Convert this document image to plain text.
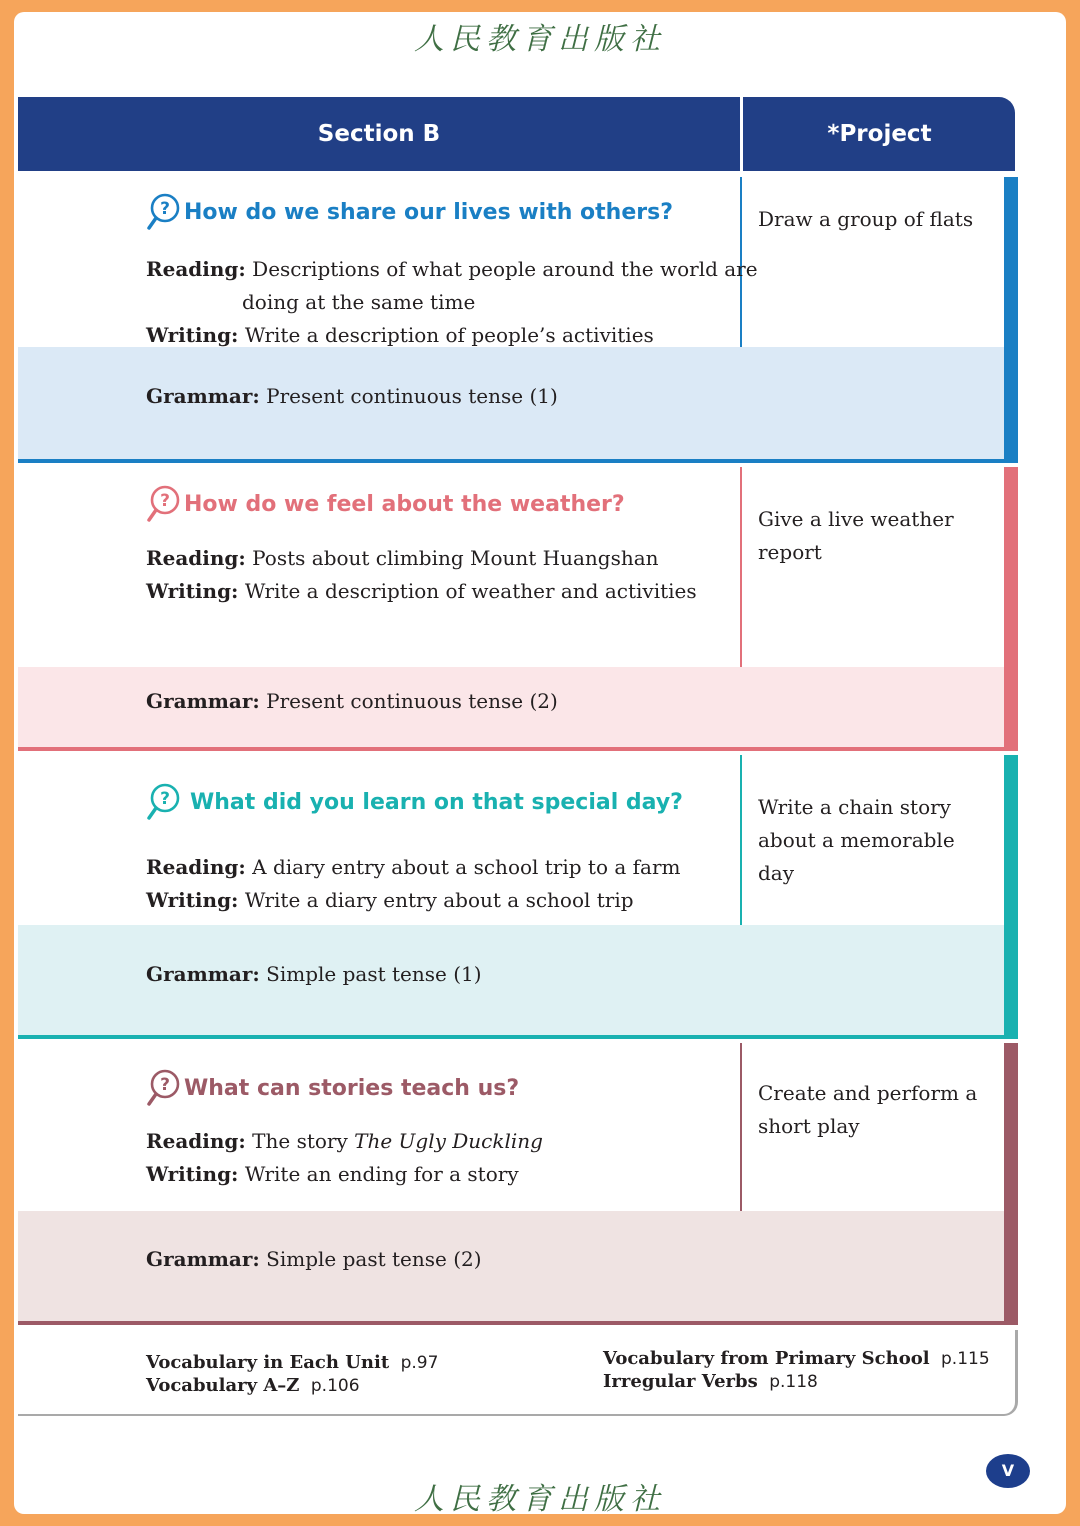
人民教育出版社
Section B	*Project
? How do we share our lives with others?
Reading: Descriptions of what people around the world are
doing at the same time
Writing: Write a description of people’s activities
Grammar: Present continuous tense (1)
Draw a group of flats
? How do we feel about the weather?
Reading: Posts about climbing Mount Huangshan
Writing: Write a description of weather and activities
Grammar: Present continuous tense (2)
Give a live weather report
? What did you learn on that special day?
Reading: A diary entry about a school trip to a farm
Writing: Write a diary entry about a school trip
Grammar: Simple past tense (1)
Write a chain story about a memorable day
? What can stories teach us?
Reading: The story The Ugly Duckling
Writing: Write an ending for a story
Grammar: Simple past tense (2)
Create and perform a short play
Vocabulary in Each Unit p.97
Vocabulary A–Z p.106
Vocabulary from Primary School p.115
Irregular Verbs p.118
人民教育出版社
V
